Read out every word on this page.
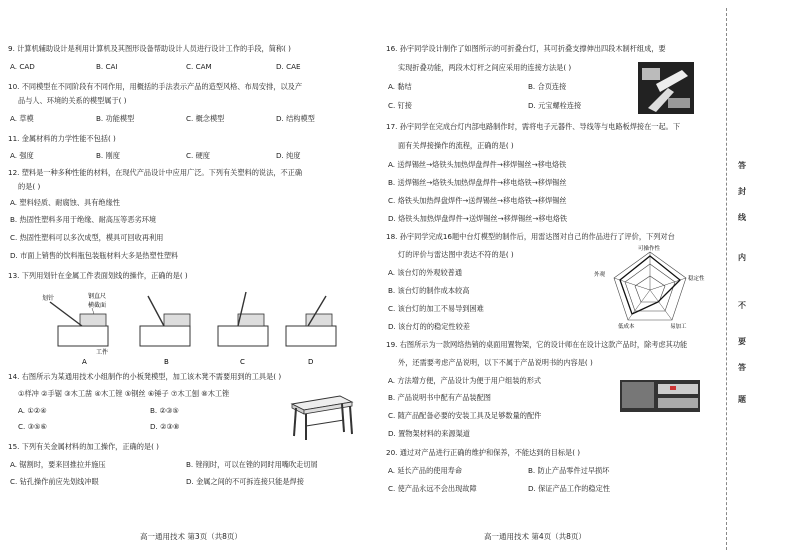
9. 计算机辅助设计是利用计算机及其图形设备帮助设计人员进行设计工作的手段，简称( )
A. CAD	B. CAI	C. CAM	D. CAE
10. 不同模型在不同阶段有不同作用，用概括的手法表示产品的造型风格、布局安排，以及产
品与人、环境的关系的模型属于( )
A. 草模	B. 功能模型	C. 概念模型	D. 结构模型
11. 金属材料的力学性能不包括( )
A. 强度	B. 刚度	C. 硬度	D. 纯度
12. 塑料是一种多种性能的材料，在现代产品设计中应用广泛。下列有关塑料的说法，不正确
的是( )
A. 塑料轻质、耐腐蚀、具有绝缘性
B. 热固性塑料多用于绝缘、耐高压等恶劣环境
C. 热固性塑料可以多次成型，模具可回收再利用
D. 市面上销售的饮料瓶包装瓶材料大多是热塑性塑料
13. 下列用划针在金属工件表面划线的操作，正确的是( )
划针	钢直尺
横截面
工件
A	B	C	D
14. 右图所示为某通用技术小组制作的小板凳模型，加工该木凳不需要用到的工具是( )
①样冲 ②手锯 ③木工凿 ④木工锉 ⑤钢丝 ⑥锤子 ⑦木工刨 ⑧木工锉
A. ①②④	B. ②③⑤
C. ③⑤⑥	D. ②③⑧
15. 下列有关金属材料的加工操作，正确的是( )
A. 锯割时，要来回推拉并施压	B. 锉削时，可以在锉的同时用嘴吹走切屑
C. 钻孔操作前应先划线冲眼	D. 金属之间的不可拆连接只能是焊接
高一通用技术 第3页（共8页）
16. 孙宇同学设计制作了如图所示的可折叠台灯，其可折叠支撑伸出四段木制杆组成，要
实现折叠功能，两段木灯杆之间应采用的连接方法是( )
A. 黏结	B. 合页连接
C. 钉接	D. 元宝螺栓连接
17. 孙宇同学在完成台灯内部电路制作时，需将电子元器件、导线等与电路板焊接在一起。下
面有关焊接操作的流程，正确的是( )
A. 送焊锡丝→烙铁头加热焊盘焊件→移焊锡丝→移电烙铁
B. 送焊锡丝→烙铁头加热焊盘焊件→移电烙铁→移焊锡丝
C. 烙铁头加热焊盘焊件→送焊锡丝→移电烙铁→移焊锡丝
D. 烙铁头加热焊盘焊件→送焊锡丝→移焊锡丝→移电烙铁
18. 孙宇同学完成16题中台灯模型的制作后，用雷达图对自己的作品进行了评价，下列对台
灯的评价与雷达图中表达不符的是( )
A. 该台灯的外观较普通
B. 该台灯的制作成本较高
C. 该台灯的加工不易导到困难
D. 该台灯的的稳定性较差
可操作性
稳定性
易加工
低成本
外观
19. 右图所示为一款网络热销的桌面用置物架，它的设计师在在设计这款产品时，除考虑其功能
外，还需要考虑产品说明，以下不属于产品说明书的内容是( )
A. 方法增方便，产品设计为便于用户组装的形式
B. 产品说明书中配有产品装配图
C. 随产品配备必要的安装工具及足够数量的配件
D. 置物架材料的来源渠道
20. 通过对产品进行正确的维护和保养，不能达到的目标是( )
A. 延长产品的使用寿命	B. 防止产品零件过早损坏
C. 使产品永远不会出现故障	D. 保证产品工作的稳定性
高一通用技术 第4页（共8页）
答
封
线
内
不
要
答
题
